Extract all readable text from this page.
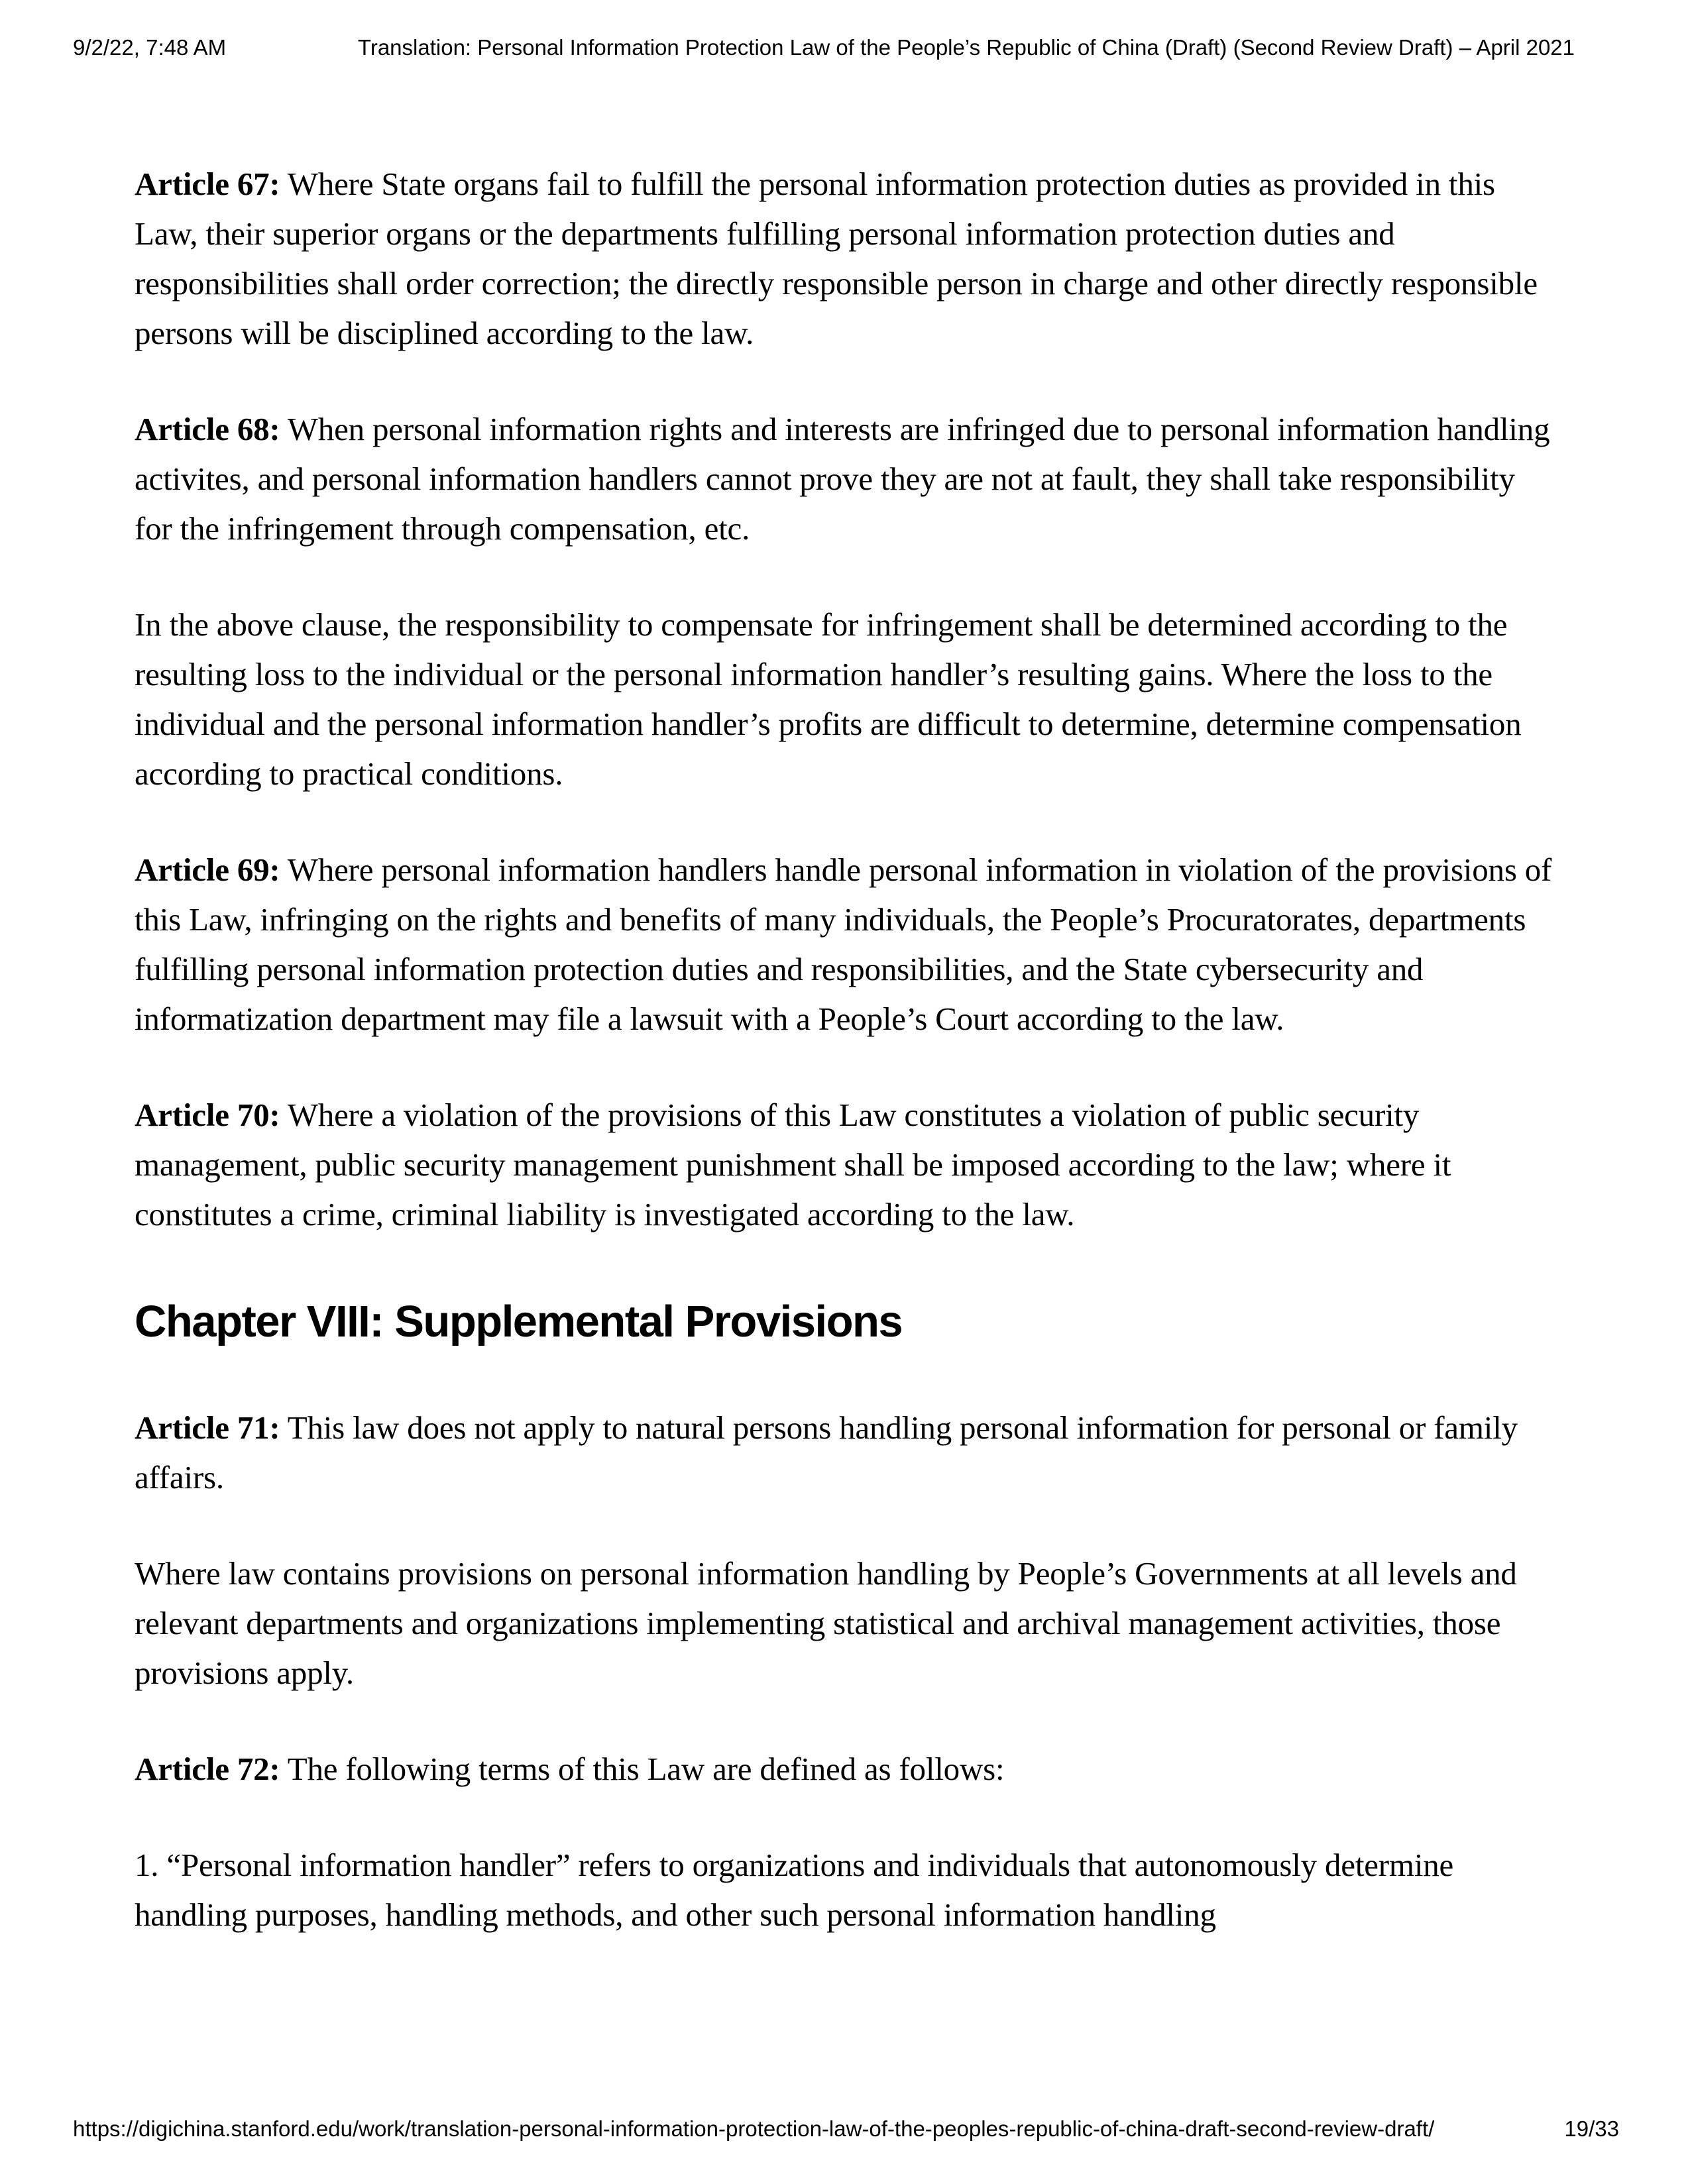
9/2/22, 7:48 AM	Translation: Personal Information Protection Law of the People’s Republic of China (Draft) (Second Review Draft) – April 2021

Article 67: Where State organs fail to fulfill the personal information protection duties as provided in this Law, their superior organs or the departments fulfilling personal information protection duties and responsibilities shall order correction; the directly responsible person in charge and other directly responsible persons will be disciplined according to the law.

Article 68: When personal information rights and interests are infringed due to personal information handling activites, and personal information handlers cannot prove they are not at fault, they shall take responsibility for the infringement through compensation, etc.

In the above clause, the responsibility to compensate for infringement shall be determined according to the resulting loss to the individual or the personal information handler’s resulting gains. Where the loss to the individual and the personal information handler’s profits are difficult to determine, determine compensation according to practical conditions.

Article 69: Where personal information handlers handle personal information in violation of the provisions of this Law, infringing on the rights and benefits of many individuals, the People’s Procuratorates, departments fulfilling personal information protection duties and responsibilities, and the State cybersecurity and informatization department may file a lawsuit with a People’s Court according to the law.

Article 70: Where a violation of the provisions of this Law constitutes a violation of public security management, public security management punishment shall be imposed according to the law; where it constitutes a crime, criminal liability is investigated according to the law.

Chapter VIII: Supplemental Provisions

Article 71: This law does not apply to natural persons handling personal information for personal or family affairs.

Where law contains provisions on personal information handling by People’s Governments at all levels and relevant departments and organizations implementing statistical and archival management activities, those provisions apply.

Article 72: The following terms of this Law are defined as follows:

1. “Personal information handler” refers to organizations and individuals that autonomously determine handling purposes, handling methods, and other such personal information handling

https://digichina.stanford.edu/work/translation-personal-information-protection-law-of-the-peoples-republic-of-china-draft-second-review-draft/	19/33
